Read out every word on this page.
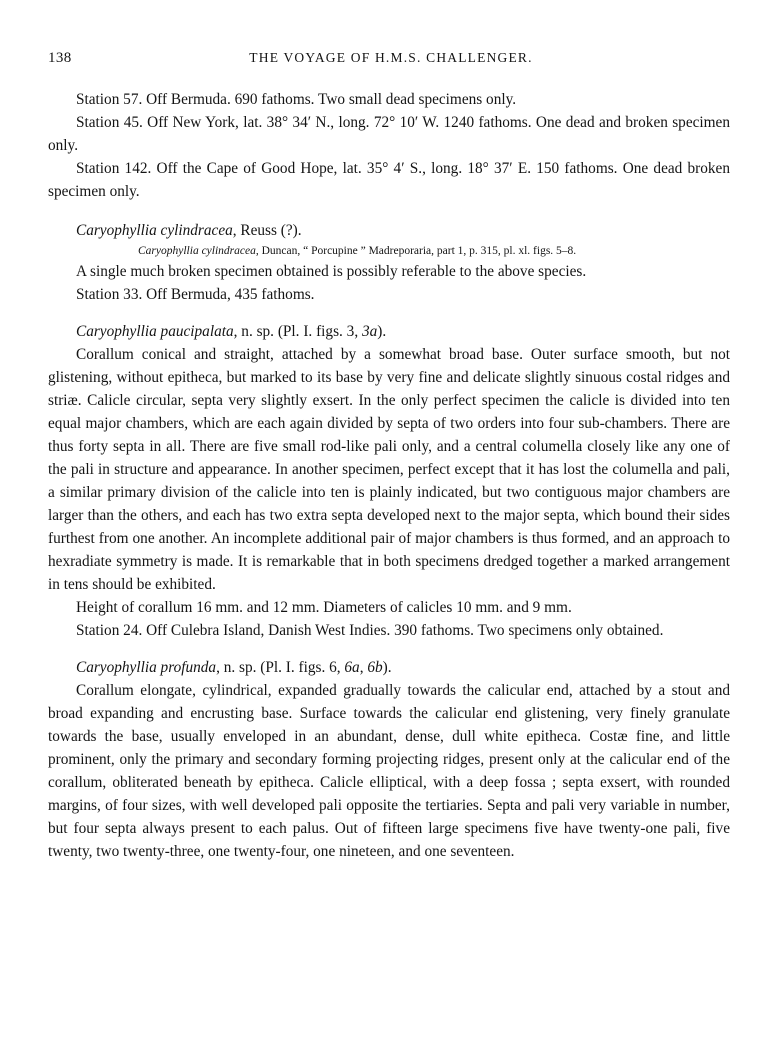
138	THE VOYAGE OF H.M.S. CHALLENGER.

Station 57. Off Bermuda. 690 fathoms. Two small dead specimens only.

Station 45. Off New York, lat. 38° 34′ N., long. 72° 10′ W. 1240 fathoms. One dead and broken specimen only.

Station 142. Off the Cape of Good Hope, lat. 35° 4′ S., long. 18° 37′ E. 150 fathoms. One dead broken specimen only.

Caryophyllia cylindracea, Reuss (?).

Caryophyllia cylindracea, Duncan, “ Porcupine ” Madreporaria, part 1, p. 315, pl. xl. figs. 5–8.

A single much broken specimen obtained is possibly referable to the above species.

Station 33. Off Bermuda, 435 fathoms.

Caryophyllia paucipalata, n. sp. (Pl. I. figs. 3, 3a).

Corallum conical and straight, attached by a somewhat broad base. Outer surface smooth, but not glistening, without epitheca, but marked to its base by very fine and delicate slightly sinuous costal ridges and striæ. Calicle circular, septa very slightly exsert. In the only perfect specimen the calicle is divided into ten equal major chambers, which are each again divided by septa of two orders into four sub-chambers. There are thus forty septa in all. There are five small rod-like pali only, and a central columella closely like any one of the pali in structure and appearance. In another specimen, perfect except that it has lost the columella and pali, a similar primary division of the calicle into ten is plainly indicated, but two contiguous major chambers are larger than the others, and each has two extra septa developed next to the major septa, which bound their sides furthest from one another. An incomplete additional pair of major chambers is thus formed, and an approach to hexradiate symmetry is made. It is remarkable that in both specimens dredged together a marked arrangement in tens should be exhibited.

Height of corallum 16 mm. and 12 mm. Diameters of calicles 10 mm. and 9 mm.

Station 24. Off Culebra Island, Danish West Indies. 390 fathoms. Two specimens only obtained.

Caryophyllia profunda, n. sp. (Pl. I. figs. 6, 6a, 6b).

Corallum elongate, cylindrical, expanded gradually towards the calicular end, attached by a stout and broad expanding and encrusting base. Surface towards the calicular end glistening, very finely granulate towards the base, usually enveloped in an abundant, dense, dull white epitheca. Costæ fine, and little prominent, only the primary and secondary forming projecting ridges, present only at the calicular end of the corallum, obliterated beneath by epitheca. Calicle elliptical, with a deep fossa ; septa exsert, with rounded margins, of four sizes, with well developed pali opposite the tertiaries. Septa and pali very variable in number, but four septa always present to each palus. Out of fifteen large specimens five have twenty-one pali, five twenty, two twenty-three, one twenty-four, one nineteen, and one seventeen.
